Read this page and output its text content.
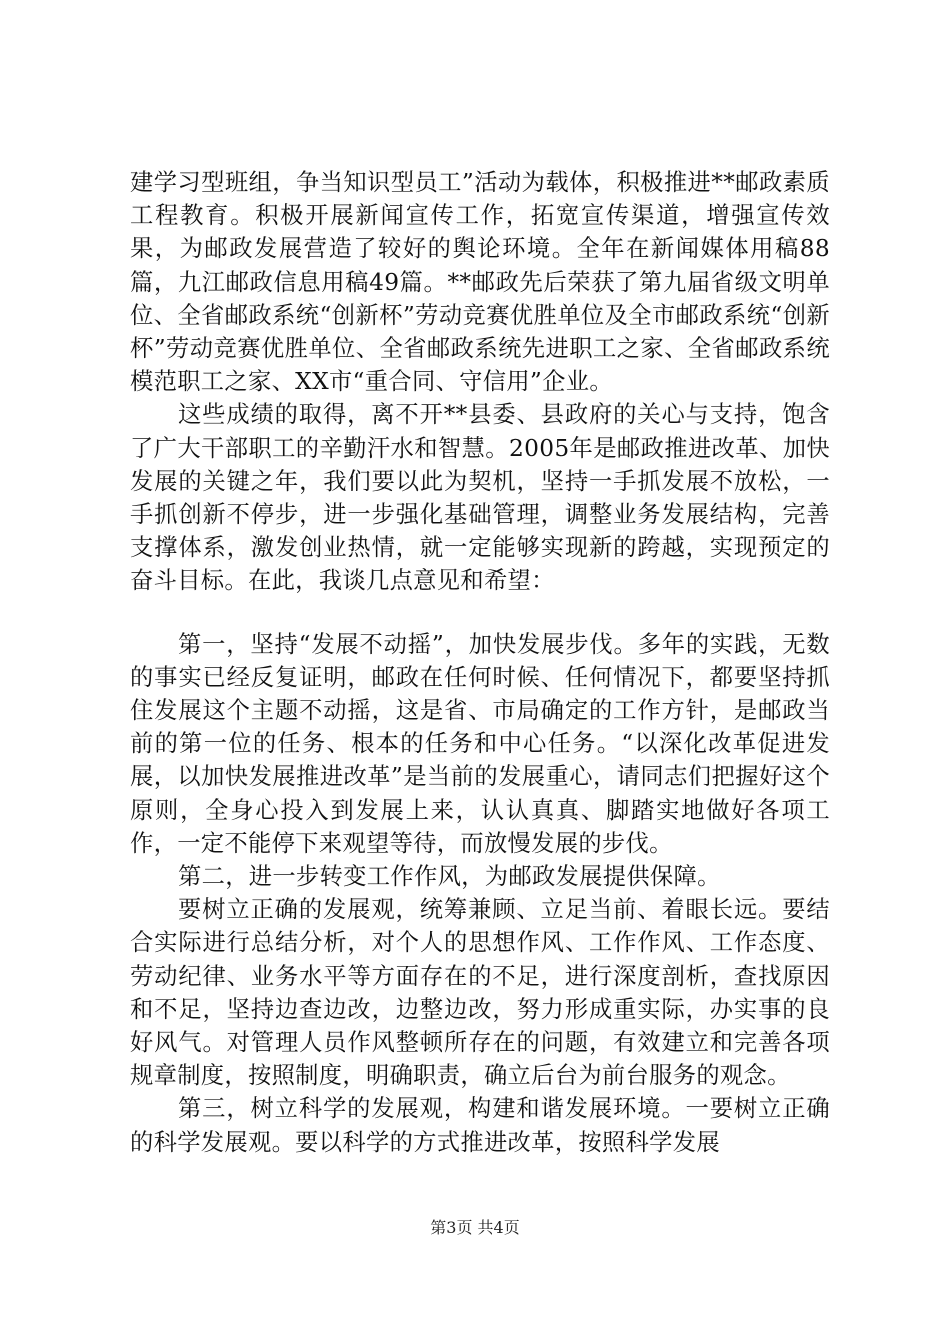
建学习型班组，争当知识型员工”活动为载体，积极推进**邮政素质工程教育。积极开展新闻宣传工作，拓宽宣传渠道，增强宣传效果，为邮政发展营造了较好的舆论环境。全年在新闻媒体用稿88篇，九江邮政信息用稿49篇。**邮政先后荣获了第九届省级文明单位、全省邮政系统“创新杯”劳动竞赛优胜单位及全市邮政系统“创新杯”劳动竞赛优胜单位、全省邮政系统先进职工之家、全省邮政系统模范职工之家、XX市“重合同、守信用”企业。

这些成绩的取得，离不开**县委、县政府的关心与支持，饱含了广大干部职工的辛勤汗水和智慧。2005年是邮政推进改革、加快发展的关键之年，我们要以此为契机，坚持一手抓发展不放松，一手抓创新不停步，进一步强化基础管理，调整业务发展结构，完善支撑体系，激发创业热情，就一定能够实现新的跨越，实现预定的奋斗目标。在此，我谈几点意见和希望：

第一，坚持“发展不动摇”，加快发展步伐。多年的实践，无数的事实已经反复证明，邮政在任何时候、任何情况下，都要坚持抓住发展这个主题不动摇，这是省、市局确定的工作方针，是邮政当前的第一位的任务、根本的任务和中心任务。“以深化改革促进发展，以加快发展推进改革”是当前的发展重心，请同志们把握好这个原则，全身心投入到发展上来，认认真真、脚踏实地做好各项工作，一定不能停下来观望等待，而放慢发展的步伐。

第二，进一步转变工作作风，为邮政发展提供保障。

要树立正确的发展观，统筹兼顾、立足当前、着眼长远。要结合实际进行总结分析，对个人的思想作风、工作作风、工作态度、劳动纪律、业务水平等方面存在的不足，进行深度剖析，查找原因和不足，坚持边查边改，边整边改，努力形成重实际，办实事的良好风气。对管理人员作风整顿所存在的问题，有效建立和完善各项规章制度，按照制度，明确职责，确立后台为前台服务的观念。

第三，树立科学的发展观，构建和谐发展环境。一要树立正确的科学发展观。要以科学的方式推进改革，按照科学发展

第3页 共4页
